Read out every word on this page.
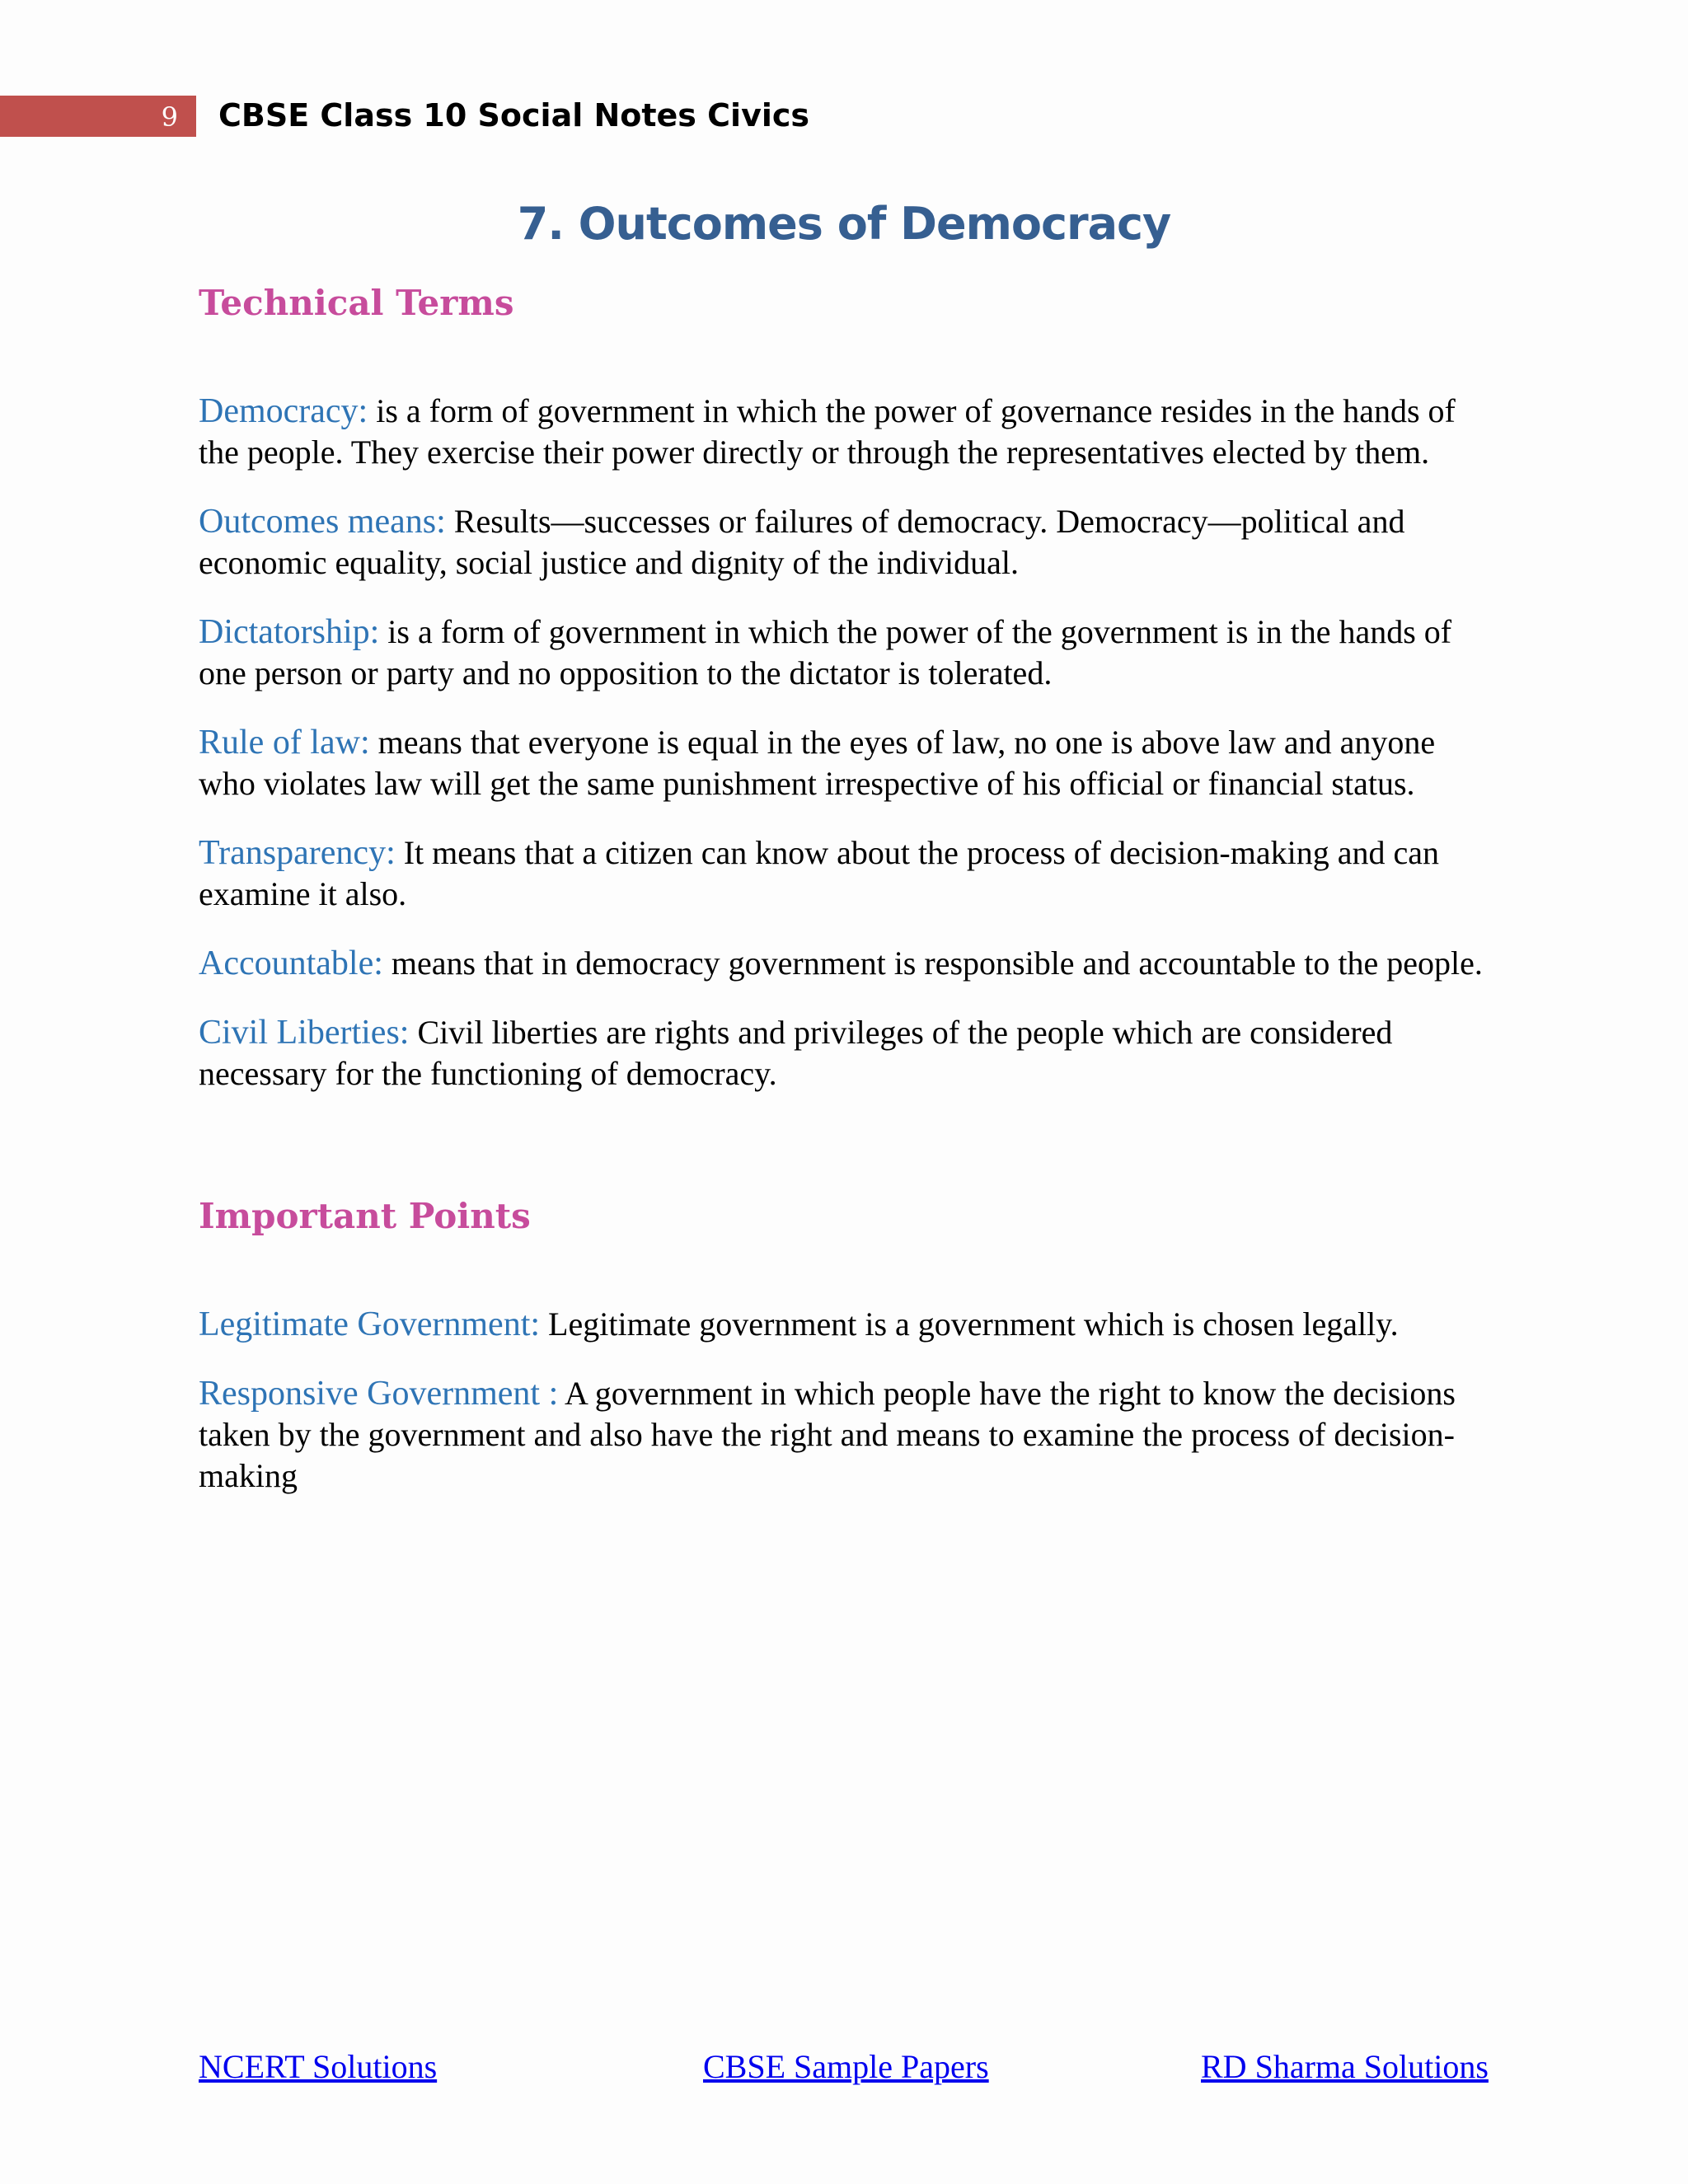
9 CBSE Class 10 Social Notes Civics
7. Outcomes of Democracy
Technical Terms

Democracy: is a form of government in which the power of governance resides in the hands of the people. They exercise their power directly or through the representatives elected by them.

Outcomes means: Results—successes or failures of democracy. Democracy—political and economic equality, social justice and dignity of the individual.

Dictatorship: is a form of government in which the power of the government is in the hands of one person or party and no opposition to the dictator is tolerated.

Rule of law: means that everyone is equal in the eyes of law, no one is above law and anyone who violates law will get the same punishment irrespective of his official or financial status.

Transparency: It means that a citizen can know about the process of decision-making and can examine it also.

Accountable: means that in democracy government is responsible and accountable to the people.

Civil Liberties: Civil liberties are rights and privileges of the people which are considered necessary for the functioning of democracy.

Important Points

Legitimate Government: Legitimate government is a government which is chosen legally.

Responsive Government : A government in which people have the right to know the decisions taken by the government and also have the right and means to examine the process of decision-making

NCERT Solutions	CBSE Sample Papers	RD Sharma Solutions
